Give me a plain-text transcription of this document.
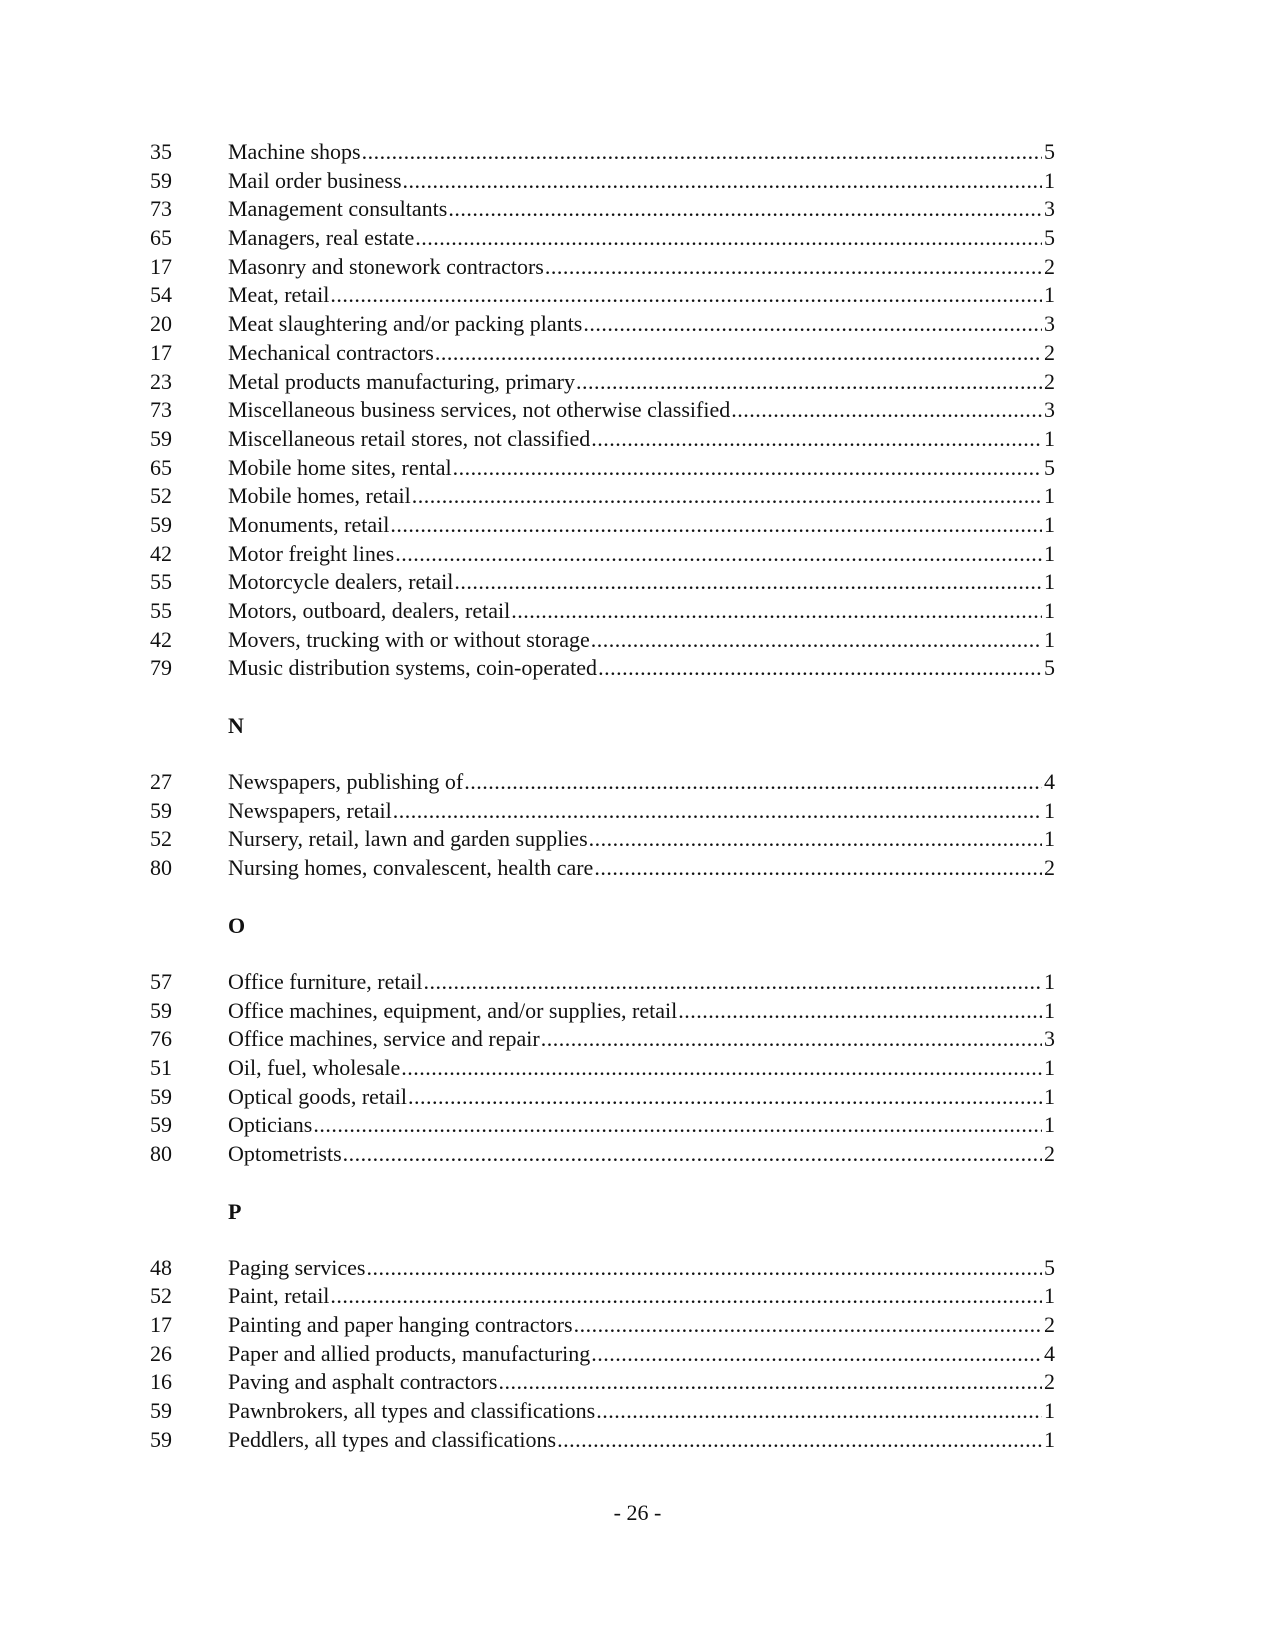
35	Machine shops .....	5
59	Mail order business .....	1
73	Management consultants .....	3
65	Managers, real estate .....	5
17	Masonry and stonework contractors .....	2
54	Meat, retail .....	1
20	Meat slaughtering and/or packing plants .....	3
17	Mechanical contractors .....	2
23	Metal products manufacturing, primary .....	2
73	Miscellaneous business services, not otherwise classified .....	3
59	Miscellaneous retail stores, not classified .....	1
65	Mobile home sites, rental .....	5
52	Mobile homes, retail .....	1
59	Monuments, retail .....	1
42	Motor freight lines .....	1
55	Motorcycle dealers, retail .....	1
55	Motors, outboard, dealers, retail .....	1
42	Movers, trucking with or without storage .....	1
79	Music distribution systems, coin-operated .....	5
N
27	Newspapers, publishing of .....	4
59	Newspapers, retail .....	1
52	Nursery, retail, lawn and garden supplies .....	1
80	Nursing homes, convalescent, health care .....	2
O
57	Office furniture, retail .....	1
59	Office machines, equipment, and/or supplies, retail .....	1
76	Office machines, service and repair .....	3
51	Oil, fuel, wholesale .....	1
59	Optical goods, retail .....	1
59	Opticians .....	1
80	Optometrists .....	2
P
48	Paging services .....	5
52	Paint, retail .....	1
17	Painting and paper hanging contractors .....	2
26	Paper and allied products, manufacturing .....	4
16	Paving and asphalt contractors .....	2
59	Pawnbrokers, all types and classifications .....	1
59	Peddlers, all types and classifications .....	1
- 26 -
